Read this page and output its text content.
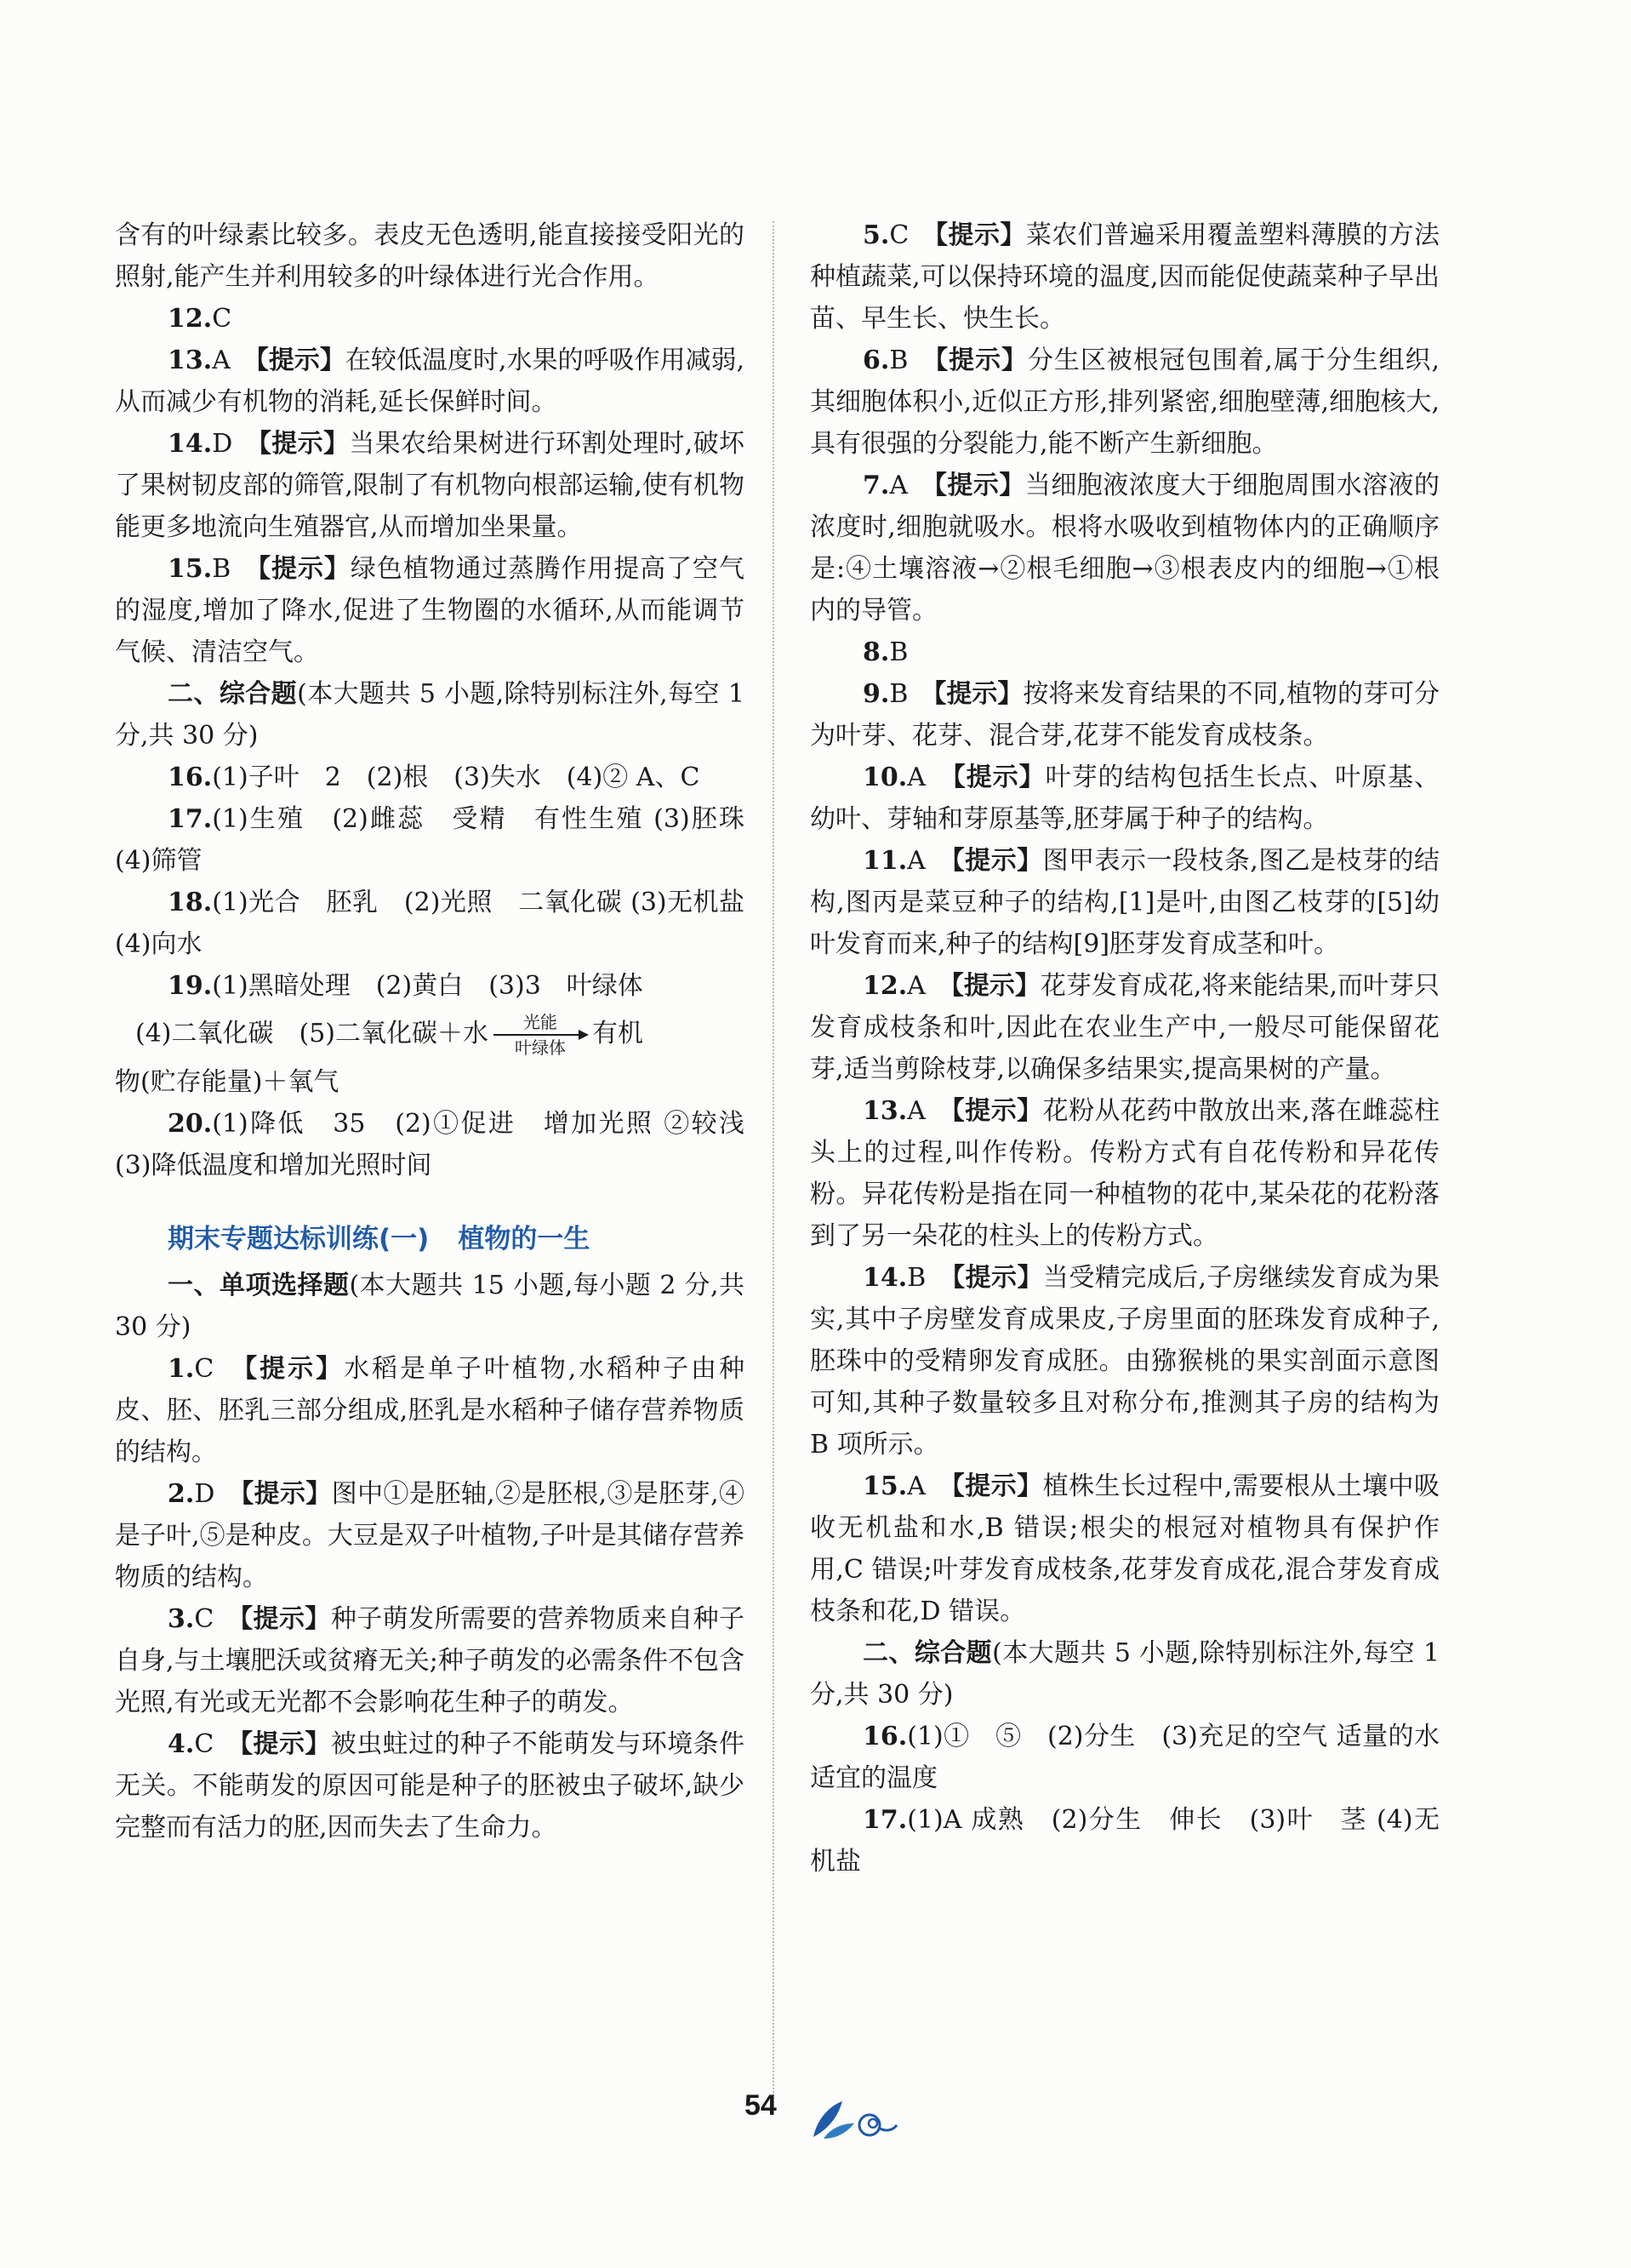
含有的叶绿素比较多。表皮无色透明,能直接接受阳光的照射,能产生并利用较多的叶绿体进行光合作用。

12.C

13.A　 【提示】在较低温度时,水果的呼吸作用减弱,从而减少有机物的消耗,延长保鲜时间。

14.D　 【提示】当果农给果树进行环割处理时,破坏了果树韧皮部的筛管,限制了有机物向根部运输,使有机物能更多地流向生殖器官,从而增加坐果量。

15.B　 【提示】绿色植物通过蒸腾作用提高了空气的湿度,增加了降水,促进了生物圈的水循环,从而能调节气候、清洁空气。

二、综合题(本大题共 5 小题,除特别标注外,每空 1 分,共 30 分)

16.(1)子叶　2　(2)根　(3)失水　(4)② A、C

17.(1)生殖　(2)雌蕊　受精　有性生殖 (3)胚珠　(4)筛管

18.(1)光合　胚乳　(2)光照　二氧化碳 (3)无机盐　(4)向水

19.(1)黑暗处理　(2)黄白　(3)3　叶绿体

(4)二氧化碳　(5)二氧化碳＋水 $\frac{\text{光能}}{\text{叶绿体}}$ 有机

物(贮存能量)＋氧气

20.(1)降低　35　(2)①促进　增加光照 ②较浅　(3)降低温度和增加光照时间

期末专题达标训练(一) 植物的一生

一、单项选择题(本大题共 15 小题,每小题 2 分,共 30 分)

1.C　 【提示】水稻是单子叶植物,水稻种子由种皮、胚、胚乳三部分组成,胚乳是水稻种子储存营养物质的结构。

2.D　 【提示】图中①是胚轴,②是胚根,③是胚芽,④是子叶,⑤是种皮。大豆是双子叶植物,子叶是其储存营养物质的结构。

3.C　 【提示】种子萌发所需要的营养物质来自种子自身,与土壤肥沃或贫瘠无关;种子萌发的必需条件不包含光照,有光或无光都不会影响花生种子的萌发。

4.C　 【提示】被虫蛀过的种子不能萌发与环境条件无关。不能萌发的原因可能是种子的胚被虫子破坏,缺少完整而有活力的胚,因而失去了生命力。

5.C　 【提示】菜农们普遍采用覆盖塑料薄膜的方法种植蔬菜,可以保持环境的温度,因而能促使蔬菜种子早出苗、早生长、快生长。

6.B　 【提示】分生区被根冠包围着,属于分生组织,其细胞体积小,近似正方形,排列紧密,细胞壁薄,细胞核大,具有很强的分裂能力,能不断产生新细胞。

7.A　 【提示】当细胞液浓度大于细胞周围水溶液的浓度时,细胞就吸水。根将水吸收到植物体内的正确顺序是:④土壤溶液→②根毛细胞→③根表皮内的细胞→①根内的导管。

8.B

9.B　 【提示】按将来发育结果的不同,植物的芽可分为叶芽、花芽、混合芽,花芽不能发育成枝条。

10.A　 【提示】叶芽的结构包括生长点、叶原基、幼叶、芽轴和芽原基等,胚芽属于种子的结构。

11.A　 【提示】图甲表示一段枝条,图乙是枝芽的结构,图丙是菜豆种子的结构,[1]是叶,由图乙枝芽的[5]幼叶发育而来,种子的结构[9]胚芽发育成茎和叶。

12.A　 【提示】花芽发育成花,将来能结果,而叶芽只发育成枝条和叶,因此在农业生产中,一般尽可能保留花芽,适当剪除枝芽,以确保多结果实,提高果树的产量。

13.A　 【提示】花粉从花药中散放出来,落在雌蕊柱头上的过程,叫作传粉。传粉方式有自花传粉和异花传粉。异花传粉是指在同一种植物的花中,某朵花的花粉落到了另一朵花的柱头上的传粉方式。

14.B　 【提示】当受精完成后,子房继续发育成为果实,其中子房壁发育成果皮,子房里面的胚珠发育成种子,胚珠中的受精卵发育成胚。由猕猴桃的果实剖面示意图可知,其种子数量较多且对称分布,推测其子房的结构为 B 项所示。

15.A　 【提示】植株生长过程中,需要根从土壤中吸收无机盐和水,B 错误;根尖的根冠对植物具有保护作用,C 错误;叶芽发育成枝条,花芽发育成花,混合芽发育成枝条和花,D 错误。

二、综合题(本大题共 5 小题,除特别标注外,每空 1 分,共 30 分)

16.(1)①　⑤　(2)分生　(3)充足的空气 适量的水　适宜的温度

17.(1)A 成熟　(2)分生　伸长　(3)叶　茎 (4)无机盐

54
